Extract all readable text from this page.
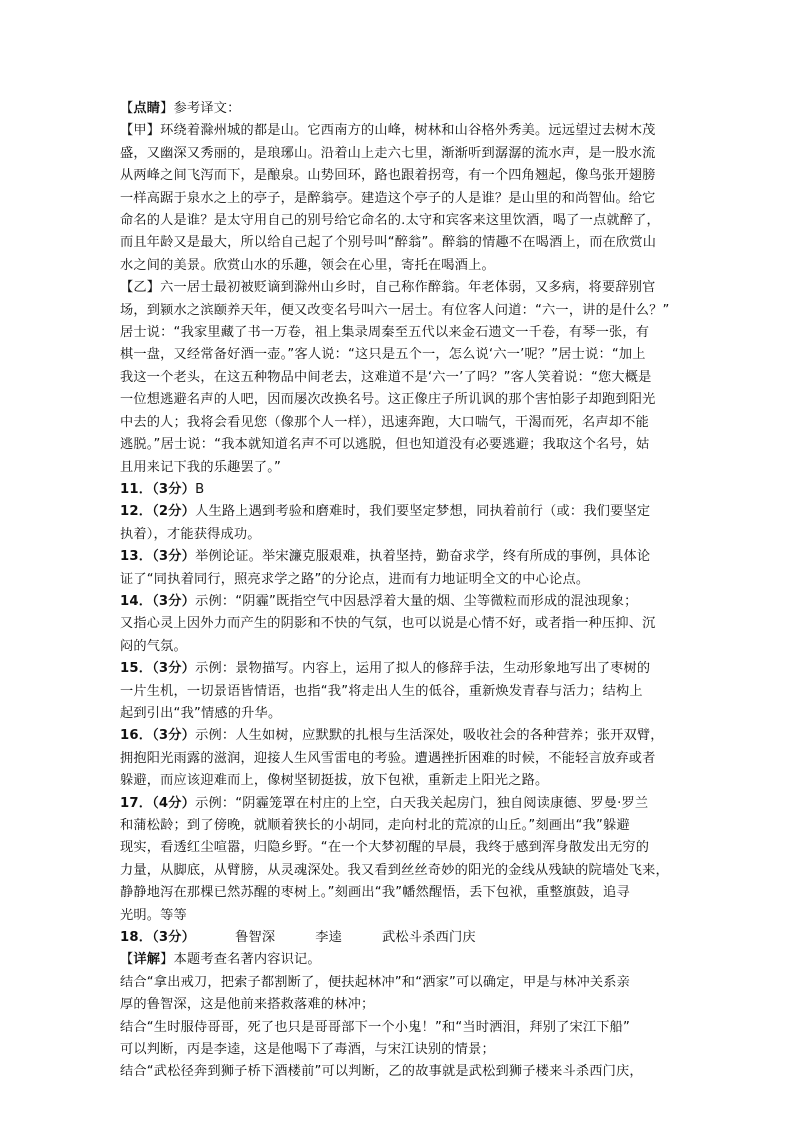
【点睛】参考译文：
【甲】环绕着滁州城的都是山。它西南方的山峰，树林和山谷格外秀美。远远望过去树木茂
盛，又幽深又秀丽的，是琅琊山。沿着山上走六七里，渐渐听到潺潺的流水声，是一股水流
从两峰之间飞泻而下，是酿泉。山势回环，路也跟着拐弯，有一个四角翘起，像鸟张开翅膀
一样高踞于泉水之上的亭子，是醉翁亭。建造这个亭子的人是谁？是山里的和尚智仙。给它
命名的人是谁？是太守用自己的别号给它命名的.太守和宾客来这里饮酒，喝了一点就醉了，
而且年龄又是最大，所以给自己起了个别号叫“醉翁”。醉翁的情趣不在喝酒上，而在欣赏山
水之间的美景。欣赏山水的乐趣，领会在心里，寄托在喝酒上。
【乙】六一居士最初被贬谪到滁州山乡时，自己称作醉翁。年老体弱，又多病，将要辞别官
场，到颍水之滨颐养天年，便又改变名号叫六一居士。有位客人问道：“六一，讲的是什么？”
居士说：“我家里藏了书一万卷，祖上集录周秦至五代以来金石遗文一千卷，有琴一张，有
棋一盘，又经常备好酒一壶。”客人说：“这只是五个一，怎么说‘六一’呢？”居士说：“加上
我这一个老头，在这五种物品中间老去，这难道不是‘六一’了吗？”客人笑着说：“您大概是
一位想逃避名声的人吧，因而屡次改换名号。这正像庄子所讥讽的那个害怕影子却跑到阳光
中去的人；我将会看见您（像那个人一样），迅速奔跑，大口喘气，干渴而死，名声却不能
逃脱。”居士说：“我本就知道名声不可以逃脱，但也知道没有必要逃避；我取这个名号，姑
且用来记下我的乐趣罢了。”
11．（3分）B
12．（2分）人生路上遇到考验和磨难时，我们要坚定梦想，同执着前行（或：我们要坚定
执着），才能获得成功。
13．（3分）举例论证。举宋濂克服艰难，执着坚持，勤奋求学，终有所成的事例，具体论
证了“同执着同行，照亮求学之路”的分论点，进而有力地证明全文的中心论点。
14．（3分）示例：“阴霾”既指空气中因悬浮着大量的烟、尘等微粒而形成的混浊现象；
又指心灵上因外力而产生的阴影和不快的气氛，也可以说是心情不好，或者指一种压抑、沉
闷的气氛。
15．（3分）示例：景物描写。内容上，运用了拟人的修辞手法，生动形象地写出了枣树的
一片生机，一切景语皆情语，也指“我”将走出人生的低谷，重新焕发青春与活力；结构上
起到引出“我”情感的升华。
16．（3分）示例：人生如树，应默默的扎根与生活深处，吸收社会的各种营养；张开双臂，
拥抱阳光雨露的滋润，迎接人生风雪雷电的考验。遭遇挫折困难的时候，不能轻言放弃或者
躲避，而应该迎难而上，像树坚韧挺拔，放下包袱，重新走上阳光之路。
17．（4分）示例：“阴霾笼罩在村庄的上空，白天我关起房门，独自阅读康德、罗曼·罗兰
和蒲松龄；到了傍晚，就顺着狭长的小胡同，走向村北的荒凉的山丘。”刻画出“我”躲避
现实，看透红尘喧嚣，归隐乡野。“在一个大梦初醒的早晨，我终于感到浑身散发出无穷的
力量，从脚底，从臂膀，从灵魂深处。我又看到丝丝奇妙的阳光的金线从残缺的院墙处飞来，
静静地泻在那棵已然苏醒的枣树上。”刻画出“我”幡然醒悟，丢下包袱，重整旗鼓，追寻
光明。等等
18．（3分）	鲁智深	李逵	武松斗杀西门庆
【详解】本题考查名著内容识记。
结合“拿出戒刀，把索子都割断了，便扶起林冲”和“洒家”可以确定，甲是与林冲关系亲
厚的鲁智深，这是他前来搭救落难的林冲；
结合“生时服侍哥哥，死了也只是哥哥部下一个小鬼！”和“当时洒泪，拜别了宋江下船”
可以判断，丙是李逵，这是他喝下了毒酒，与宋江诀别的情景；
结合“武松径奔到狮子桥下酒楼前”可以判断，乙的故事就是武松到狮子楼来斗杀西门庆，
